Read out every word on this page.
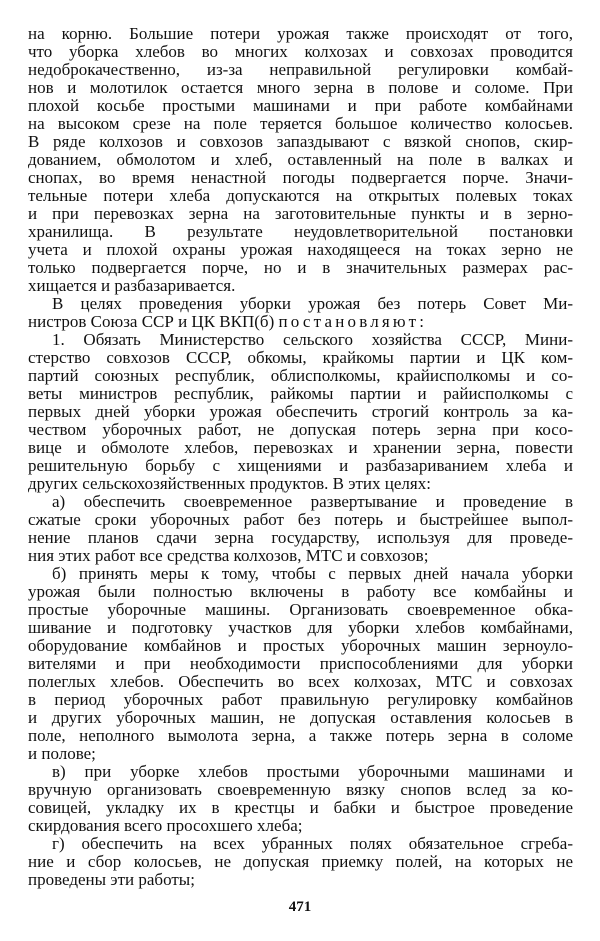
на корню. Большие потери урожая также происходят от того,
что уборка хлебов во многих колхозах и совхозах проводится
недоброкачественно, из-за неправильной регулировки комбай-
нов и молотилок остается много зерна в полове и соломе. При
плохой косьбе простыми машинами и при работе комбайнами
на высоком срезе на поле теряется большое количество колосьев.
В ряде колхозов и совхозов запаздывают с вязкой снопов, скир-
дованием, обмолотом и хлеб, оставленный на поле в валках и
снопах, во время ненастной погоды подвергается порче. Значи-
тельные потери хлеба допускаются на открытых полевых токах
и при перевозках зерна на заготовительные пункты и в зерно-
хранилища. В результате неудовлетворительной постановки
учета и плохой охраны урожая находящееся на токах зерно не
только подвергается порче, но и в значительных размерах рас-
хищается и разбазаривается.
В целях проведения уборки урожая без потерь Совет Ми-
нистров Союза ССР и ЦК ВКП(б) постановляют:
1. Обязать Министерство сельского хозяйства СССР, Мини-
стерство совхозов СССР, обкомы, крайкомы партии и ЦК ком-
партий союзных республик, облисполкомы, крайисполкомы и со-
веты министров республик, райкомы партии и райисполкомы с
первых дней уборки урожая обеспечить строгий контроль за ка-
чеством уборочных работ, не допуская потерь зерна при косо-
вице и обмолоте хлебов, перевозках и хранении зерна, повести
решительную борьбу с хищениями и разбазариванием хлеба и
других сельскохозяйственных продуктов. В этих целях:
а) обеспечить своевременное развертывание и проведение в
сжатые сроки уборочных работ без потерь и быстрейшее выпол-
нение планов сдачи зерна государству, используя для проведе-
ния этих работ все средства колхозов, МТС и совхозов;
б) принять меры к тому, чтобы с первых дней начала уборки
урожая были полностью включены в работу все комбайны и
простые уборочные машины. Организовать своевременное обка-
шивание и подготовку участков для уборки хлебов комбайнами,
оборудование комбайнов и простых уборочных машин зерноуло-
вителями и при необходимости приспособлениями для уборки
полеглых хлебов. Обеспечить во всех колхозах, МТС и совхозах
в период уборочных работ правильную регулировку комбайнов
и других уборочных машин, не допуская оставления колосьев в
поле, неполного вымолота зерна, а также потерь зерна в соломе
и полове;
в) при уборке хлебов простыми уборочными машинами и
вручную организовать своевременную вязку снопов вслед за ко-
совицей, укладку их в крестцы и бабки и быстрое проведение
скирдования всего просохшего хлеба;
г) обеспечить на всех убранных полях обязательное сгреба-
ние и сбор колосьев, не допуская приемку полей, на которых не
проведены эти работы;
471
